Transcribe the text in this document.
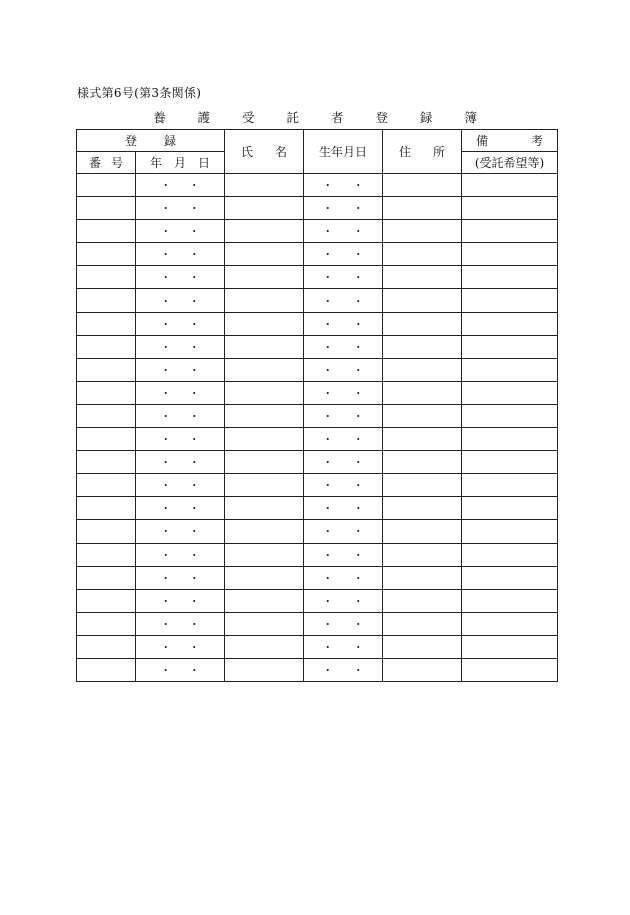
様式第6号(第3条関係)
養 護 受 託 者 登 録 簿
登 録		氏 名	生年月日	住 所	備 考

番 号	年 月 日				(受託希望等)
	・ ・		・ ・		
	・ ・		・ ・		
	・ ・		・ ・		
	・ ・		・ ・		
	・ ・		・ ・		
	・ ・		・ ・		
	・ ・		・ ・		
	・ ・		・ ・		
	・ ・		・ ・		
	・ ・		・ ・		
	・ ・		・ ・		
	・ ・		・ ・		
	・ ・		・ ・		
	・ ・		・ ・		
	・ ・		・ ・		
	・ ・		・ ・		
	・ ・		・ ・		
	・ ・		・ ・		
	・ ・		・ ・		
	・ ・		・ ・		
	・ ・		・ ・		
	・ ・		・ ・		
